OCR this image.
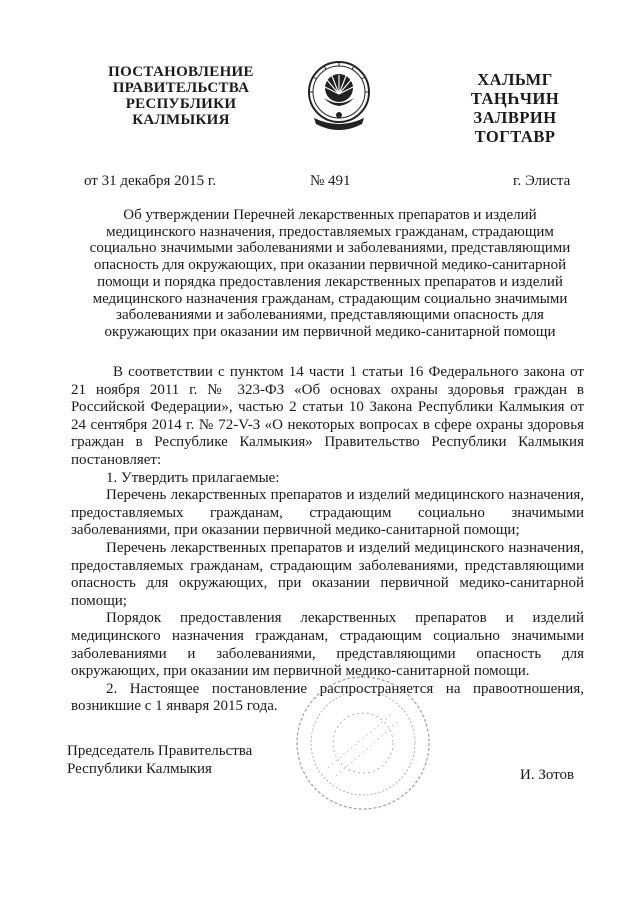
ПОСТАНОВЛЕНИЕ
ПРАВИТЕЛЬСТВА
РЕСПУБЛИКИ
КАЛМЫКИЯ
ХАЛЬМГ
ТАҢҺЧИН
ЗАЛВРИН
ТОГТАВР
от 31 декабря 2015 г.	№ 491	г. Элиста
Об утверждении Перечней лекарственных препаратов и изделий медицинского назначения, предоставляемых гражданам, страдающим социально значимыми заболеваниями и заболеваниями, представляющими опасность для окружающих, при оказании первичной медико-санитарной помощи и порядка предоставления лекарственных препаратов и изделий медицинского назначения гражданам, страдающим социально значимыми заболеваниями и заболеваниями, представляющими опасность для окружающих при оказании им первичной медико-санитарной помощи

В соответствии с пунктом 14 части 1 статьи 16 Федерального закона от 21 ноября 2011 г. № 323-ФЗ «Об основах охраны здоровья граждан в Российской Федерации», частью 2 статьи 10 Закона Республики Калмыкия от 24 сентября 2014 г. № 72-V-З «О некоторых вопросах в сфере охраны здоровья граждан в Республике Калмыкия» Правительство Республики Калмыкия постановляет:

1. Утвердить прилагаемые:

Перечень лекарственных препаратов и изделий медицинского назначения, предоставляемых гражданам, страдающим социально значимыми заболеваниями, при оказании первичной медико-санитарной помощи;

Перечень лекарственных препаратов и изделий медицинского назначения, предоставляемых гражданам, страдающим заболеваниями, представляющими опасность для окружающих, при оказании первичной медико-санитарной помощи;

Порядок предоставления лекарственных препаратов и изделий медицинского назначения гражданам, страдающим социально значимыми заболеваниями и заболеваниями, представляющими опасность для окружающих, при оказании им первичной медико-санитарной помощи.

2. Настоящее постановление распространяется на правоотношения, возникшие с 1 января 2015 года.

Председатель Правительства
Республики Калмыкия	И. Зотов
